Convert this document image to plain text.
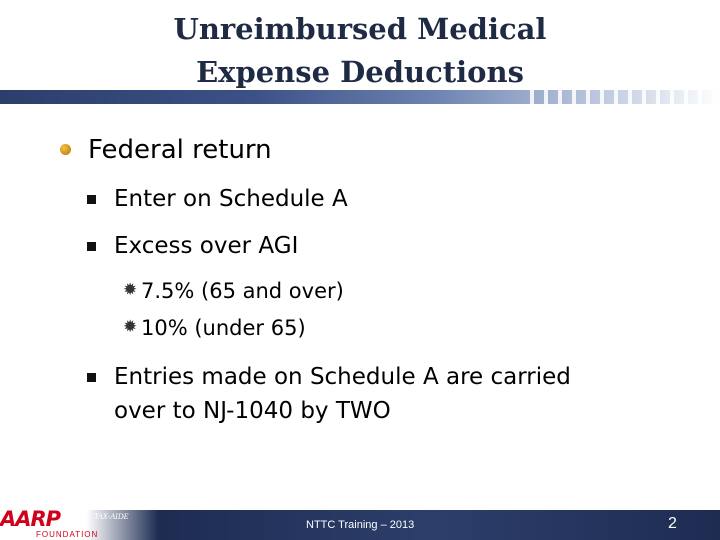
Unreimbursed Medical
Expense Deductions
Federal return
Enter on Schedule A
Excess over AGI
✹ 7.5% (65 and over)
✹ 10% (under 65)
Entries made on Schedule A are carried
over to NJ-1040 by TWO
AARP
FOUNDATION
TAX-AIDE
NTTC Training – 2013	2
